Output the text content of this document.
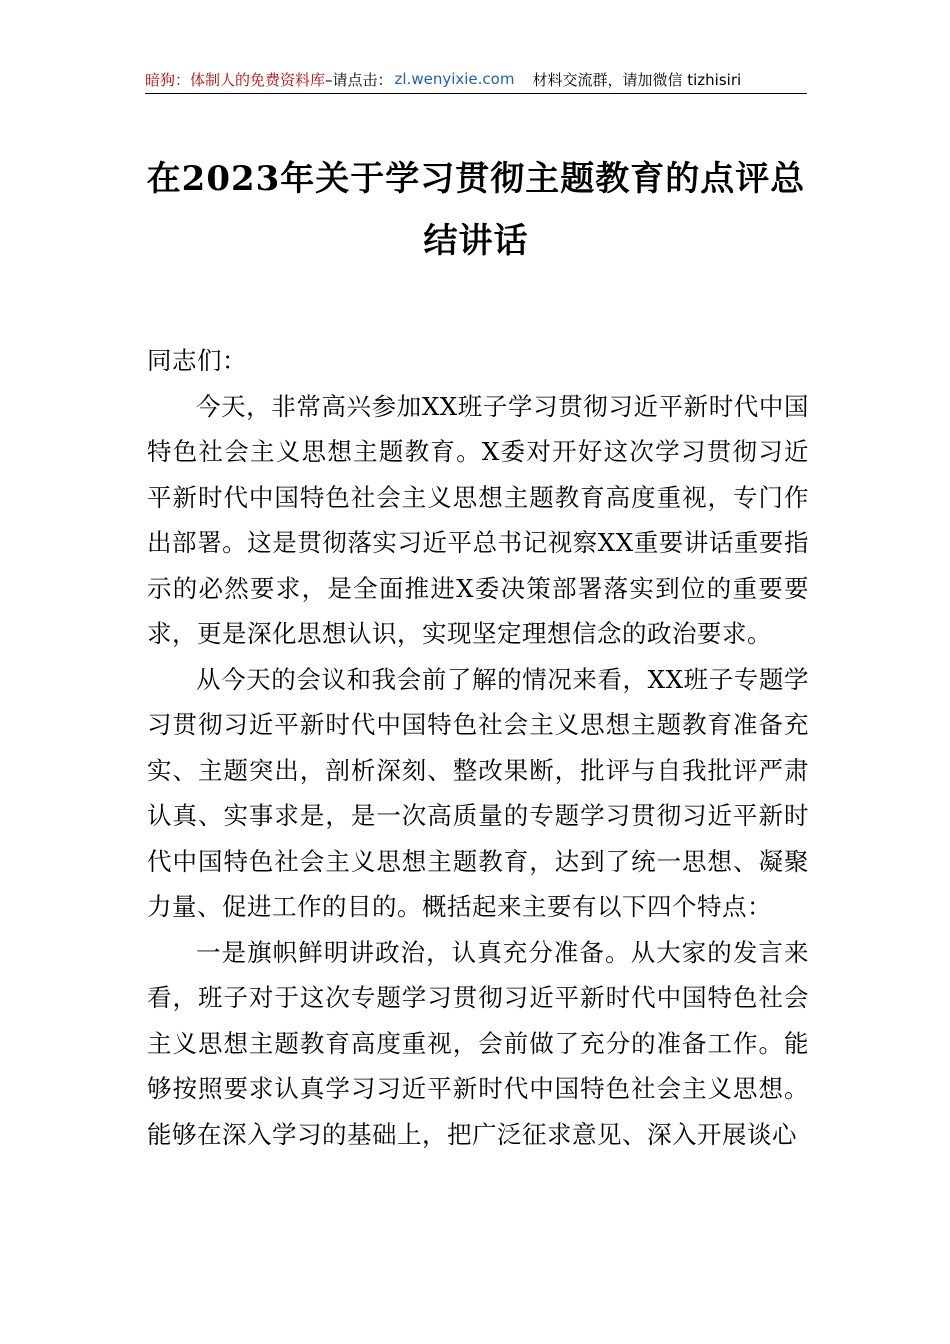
暗狗：体制人的免费资料库 –请点击： zl.wenyixie.com 材料交流群，请加微信 tizhisiri
在2023年关于学习贯彻主题教育的点评总
结讲话

同志们：

今天，非常高兴参加XX班子学习贯彻习近平新时代中国特色社会主义思想主题教育。X委对开好这次学习贯彻习近平新时代中国特色社会主义思想主题教育高度重视，专门作出部署。这是贯彻落实习近平总书记视察XX重要讲话重要指示的必然要求，是全面推进X委决策部署落实到位的重要要求，更是深化思想认识，实现坚定理想信念的政治要求。

从今天的会议和我会前了解的情况来看，XX班子专题学习贯彻习近平新时代中国特色社会主义思想主题教育准备充实、主题突出，剖析深刻、整改果断，批评与自我批评严肃认真、实事求是，是一次高质量的专题学习贯彻习近平新时代中国特色社会主义思想主题教育，达到了统一思想、凝聚力量、促进工作的目的。概括起来主要有以下四个特点：

一是旗帜鲜明讲政治，认真充分准备。从大家的发言来看，班子对于这次专题学习贯彻习近平新时代中国特色社会主义思想主题教育高度重视，会前做了充分的准备工作。能够按照要求认真学习习近平新时代中国特色社会主义思想。能够在深入学习的基础上，把广泛征求意见、深入开展谈心
